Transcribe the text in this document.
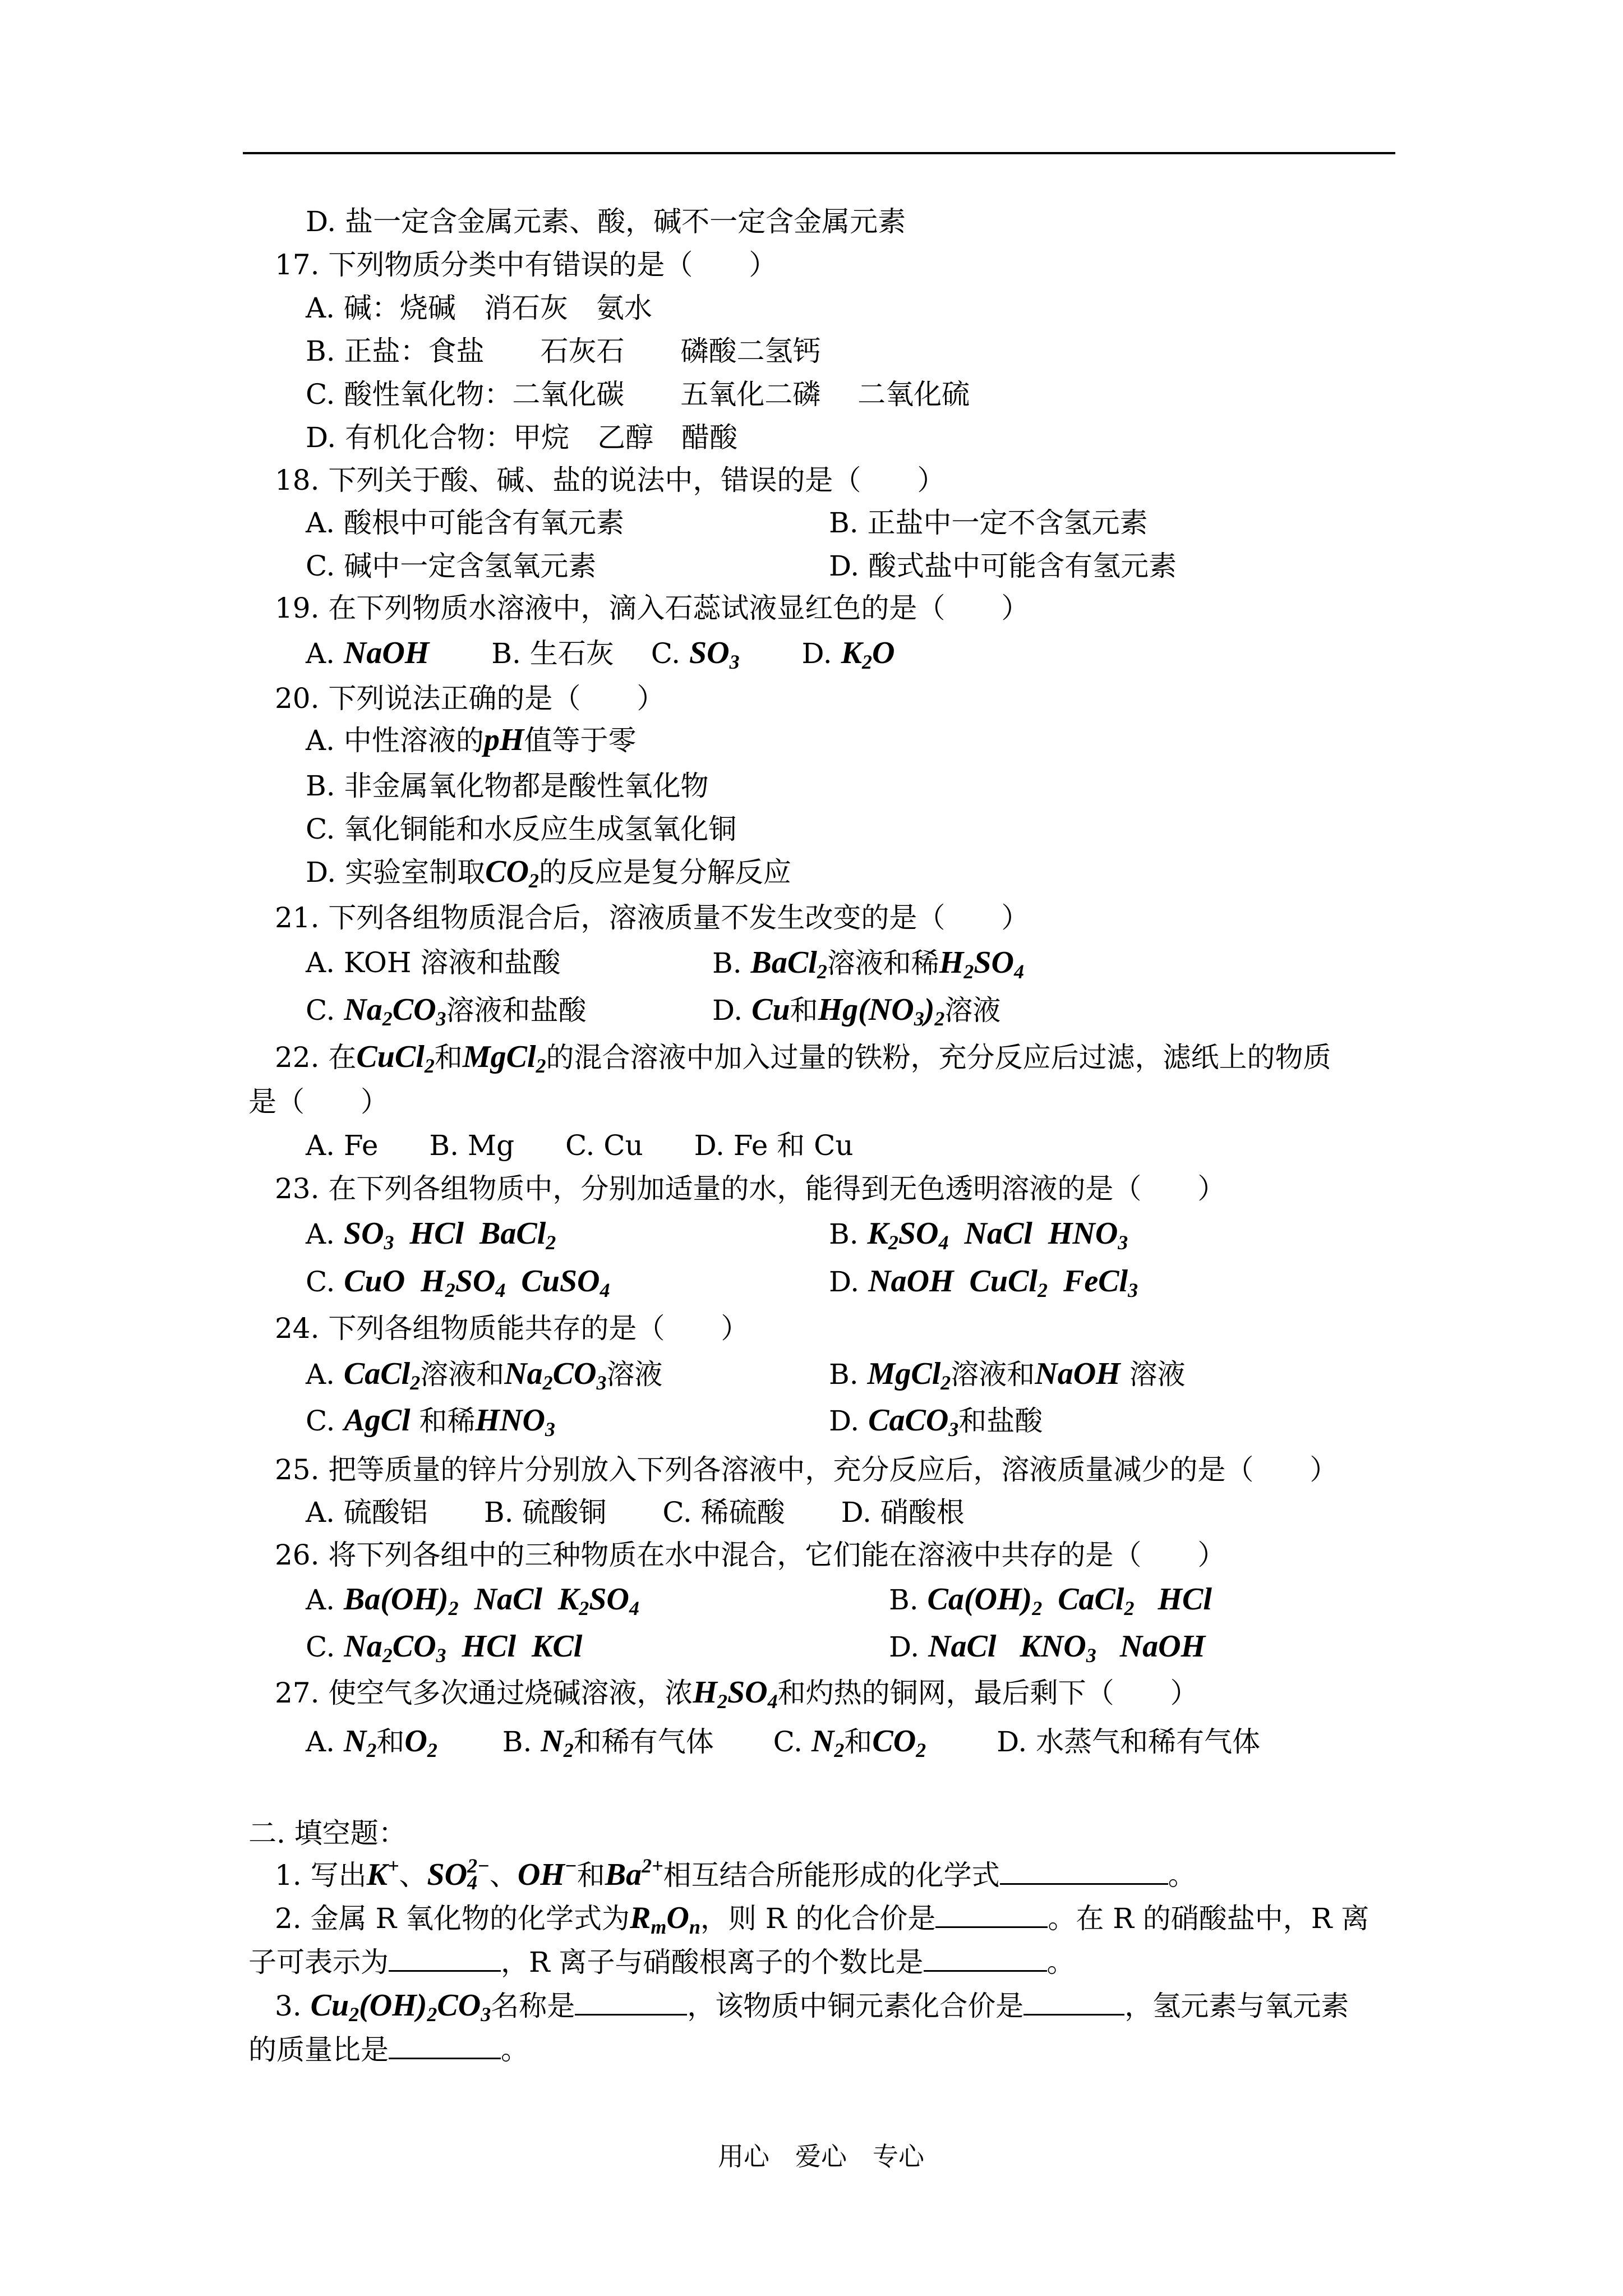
D. 盐一定含金属元素、酸，碱不一定含金属元素
17. 下列物质分类中有错误的是（　　）
A. 碱：烧碱　消石灰　氨水
B. 正盐：食盐　　石灰石　　磷酸二氢钙
C. 酸性氧化物：二氧化碳　　五氧化二磷　 二氧化硫
D. 有机化合物：甲烷　乙醇　醋酸
18. 下列关于酸、碱、盐的说法中，错误的是（　　）
A. 酸根中可能含有氧元素	B. 正盐中一定不含氢元素
C. 碱中一定含氢氧元素	D. 酸式盐中可能含有氢元素
19. 在下列物质水溶液中，滴入石蕊试液显红色的是（　　）
A. NaOH B. 生石灰 C. $SO_3$ D. $K_2O$
20. 下列说法正确的是（　　）
A. 中性溶液的pH值等于零
B. 非金属氧化物都是酸性氧化物
C. 氧化铜能和水反应生成氢氧化铜
D. 实验室制取$CO_2$的反应是复分解反应
21. 下列各组物质混合后，溶液质量不发生改变的是（　　）
A. KOH 溶液和盐酸	B. BaCl$_2$溶液和稀$H_2SO_4$
C. $Na_2CO_3$溶液和盐酸	D. Cu和$Hg(NO_3)_2$溶液
22. 在CuCl$_2$和MgCl$_2$的混合溶液中加入过量的铁粉，充分反应后过滤，滤纸上的物质
是（　　）
A. Fe B. Mg C. Cu D. Fe 和 Cu
23. 在下列各组物质中，分别加适量的水，能得到无色透明溶液的是（　　）
A. $SO_3$  HCl  BaCl$_2$	B. $K_2SO_4$  NaCl  $HNO_3$
C. CuO  $H_2SO_4$  CuSO$_4$	D. NaOH  CuCl$_2$  FeCl$_3$
24. 下列各组物质能共存的是（　　）
A. CaCl$_2$溶液和$Na_2CO_3$溶液	B. MgCl$_2$溶液和NaOH 溶液
C. AgCl 和稀$HNO_3$	D. CaCO$_3$和盐酸
25. 把等质量的锌片分别放入下列各溶液中，充分反应后，溶液质量减少的是（　　）
A. 硫酸铝　　B. 硫酸铜　　C. 稀硫酸　　D. 硝酸根
26. 将下列各组中的三种物质在水中混合，它们能在溶液中共存的是（　　）
A. $Ba(OH)_2$  NaCl  $K_2SO_4$	B. $Ca(OH)_2$  CaCl$_2$   HCl
C. $Na_2CO_3$  HCl  KCl	D. NaCl   $KNO_3$   NaOH
27. 使空气多次通过烧碱溶液，浓$H_2SO_4$和灼热的铜网，最后剩下（　　）
A. $N_2$和$O_2$ B. $N_2$和稀有气体 C. $N_2$和$CO_2$	D. 水蒸气和稀有气体
二. 填空题：
1. 写出K+、$SO_4^{2-}$、OH−和$Ba^{2+}$相互结合所能形成的化学式	。
2. 金属 R 氧化物的化学式为$R_mO_n$，则 R 的化合价是	。在 R 的硝酸盐中，R 离
子可表示为	，R 离子与硝酸根离子的个数比是	。
3. $Cu_2(OH)_2CO_3$名称是	，该物质中铜元素化合价是	，氢元素与氧元素
的质量比是	。
用心　爱心　专心
